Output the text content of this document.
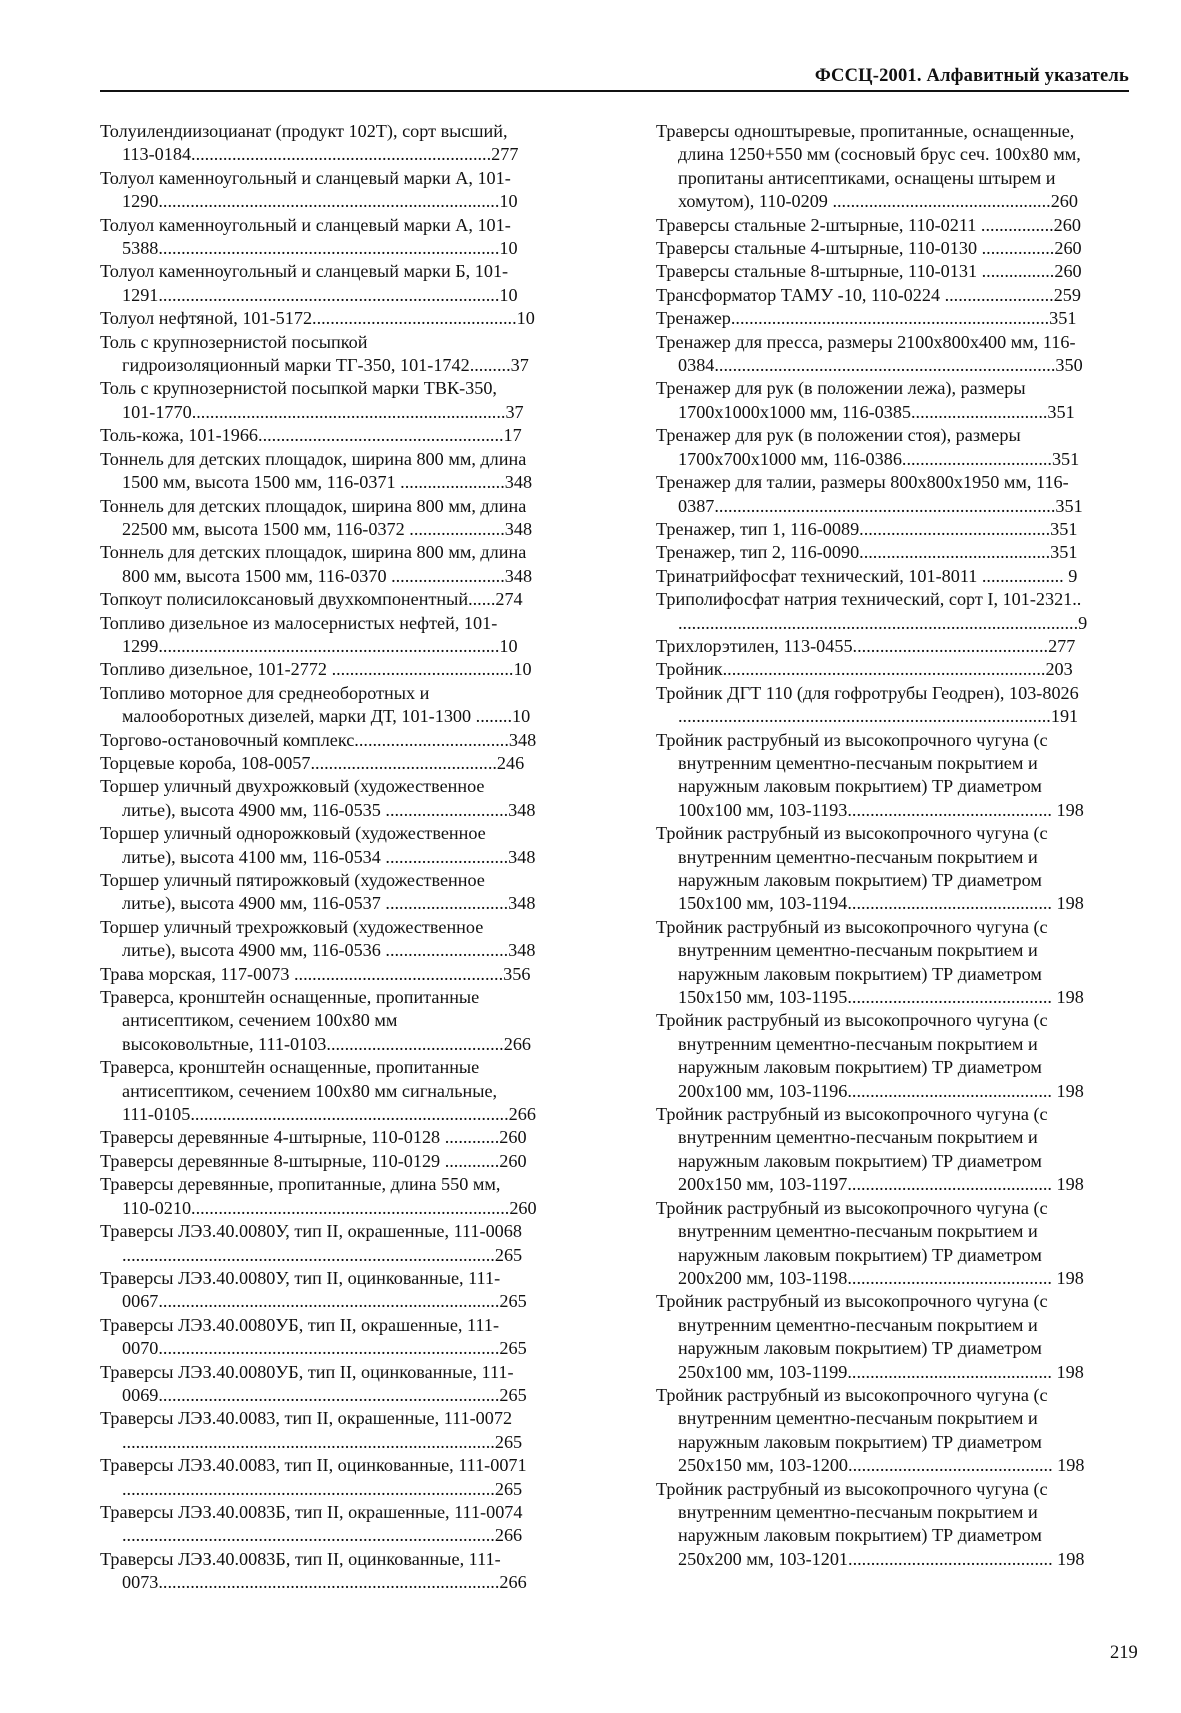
ФССЦ-2001. Алфавитный указатель

Толуилендиизоцианат (продукт 102Т), сорт высший,
113-0184..................................................................277

Толуол каменноугольный и сланцевый марки А, 101-
1290...........................................................................10

Толуол каменноугольный и сланцевый марки А, 101-
5388...........................................................................10

Толуол каменноугольный и сланцевый марки Б, 101-
1291...........................................................................10

Толуол нефтяной, 101-5172.............................................10

Толь с крупнозернистой посыпкой
гидроизоляционный марки ТГ-350, 101-1742.........37

Толь с крупнозернистой посыпкой марки ТВК-350,
101-1770.....................................................................37

Толь-кожа, 101-1966......................................................17

Тоннель для детских площадок, ширина 800 мм, длина
1500 мм, высота 1500 мм, 116-0371 .......................348

Тоннель для детских площадок, ширина 800 мм, длина
22500 мм, высота 1500 мм, 116-0372 .....................348

Тоннель для детских площадок, ширина 800 мм, длина
800 мм, высота 1500 мм, 116-0370 .........................348

Топкоут полисилоксановый двухкомпонентный......274

Топливо дизельное из малосернистых нефтей, 101-
1299...........................................................................10

Топливо дизельное, 101-2772 ........................................10

Топливо моторное для среднеоборотных и
малооборотных дизелей, марки ДТ, 101-1300 ........10

Торгово-остановочный комплекс..................................348

Торцевые короба, 108-0057.........................................246

Торшер уличный двухрожковый (художественное
литье), высота 4900 мм, 116-0535 ...........................348

Торшер уличный однорожковый (художественное
литье), высота 4100 мм, 116-0534 ...........................348

Торшер уличный пятирожковый (художественное
литье), высота 4900 мм, 116-0537 ...........................348

Торшер уличный трехрожковый (художественное
литье), высота 4900 мм, 116-0536 ...........................348

Трава морская, 117-0073 ..............................................356

Траверса, кронштейн оснащенные, пропитанные
антисептиком, сечением 100х80 мм
высоковольтные, 111-0103.......................................266

Траверса, кронштейн оснащенные, пропитанные
антисептиком, сечением 100х80 мм сигнальные,
111-0105......................................................................266

Траверсы деревянные 4-штырные, 110-0128 ............260

Траверсы деревянные 8-штырные, 110-0129 ............260

Траверсы деревянные, пропитанные, длина 550 мм,
110-0210......................................................................260

Траверсы ЛЭЗ.40.0080У, тип II, окрашенные, 111-0068
..................................................................................265

Траверсы ЛЭЗ.40.0080У, тип II, оцинкованные, 111-
0067...........................................................................265

Траверсы ЛЭЗ.40.0080УБ, тип II, окрашенные, 111-
0070...........................................................................265

Траверсы ЛЭЗ.40.0080УБ, тип II, оцинкованные, 111-
0069...........................................................................265

Траверсы ЛЭЗ.40.0083, тип II, окрашенные, 111-0072
..................................................................................265

Траверсы ЛЭЗ.40.0083, тип II, оцинкованные, 111-0071
..................................................................................265

Траверсы ЛЭЗ.40.0083Б, тип II, окрашенные, 111-0074
..................................................................................266

Траверсы ЛЭЗ.40.0083Б, тип II, оцинкованные, 111-
0073...........................................................................266

Траверсы одноштыревые, пропитанные, оснащенные,
длина 1250+550 мм (сосновый брус сеч. 100х80 мм,
пропитаны антисептиками, оснащены штырем и
хомутом), 110-0209 ................................................260

Траверсы стальные 2-штырные, 110-0211 ................260

Траверсы стальные 4-штырные, 110-0130 ................260

Траверсы стальные 8-штырные, 110-0131 ................260

Трансформатор ТАМУ -10, 110-0224 ........................259

Тренажер......................................................................351

Тренажер для пресса, размеры 2100х800х400 мм, 116-
0384...........................................................................350

Тренажер для рук (в положении лежа), размеры
1700х1000х1000 мм, 116-0385..............................351

Тренажер для рук (в положении стоя), размеры
1700х700х1000 мм, 116-0386.................................351

Тренажер для талии, размеры 800х800х1950 мм, 116-
0387...........................................................................351

Тренажер, тип 1, 116-0089..........................................351

Тренажер, тип 2, 116-0090..........................................351

Тринатрийфосфат технический, 101-8011 .................. 9

Триполифосфат натрия технический, сорт I, 101-2321..
........................................................................................9

Трихлорэтилен, 113-0455...........................................277

Тройник.......................................................................203

Тройник ДГТ 110 (для гофротрубы Геодрен), 103-8026
..................................................................................191

Тройник раструбный из высокопрочного чугуна (с
внутренним цементно-песчаным покрытием и
наружным лаковым покрытием) ТР диаметром
100х100 мм, 103-1193............................................. 198

Тройник раструбный из высокопрочного чугуна (с
внутренним цементно-песчаным покрытием и
наружным лаковым покрытием) ТР диаметром
150х100 мм, 103-1194............................................. 198

Тройник раструбный из высокопрочного чугуна (с
внутренним цементно-песчаным покрытием и
наружным лаковым покрытием) ТР диаметром
150х150 мм, 103-1195............................................. 198

Тройник раструбный из высокопрочного чугуна (с
внутренним цементно-песчаным покрытием и
наружным лаковым покрытием) ТР диаметром
200х100 мм, 103-1196............................................. 198

Тройник раструбный из высокопрочного чугуна (с
внутренним цементно-песчаным покрытием и
наружным лаковым покрытием) ТР диаметром
200х150 мм, 103-1197............................................. 198

Тройник раструбный из высокопрочного чугуна (с
внутренним цементно-песчаным покрытием и
наружным лаковым покрытием) ТР диаметром
200х200 мм, 103-1198............................................. 198

Тройник раструбный из высокопрочного чугуна (с
внутренним цементно-песчаным покрытием и
наружным лаковым покрытием) ТР диаметром
250х100 мм, 103-1199............................................. 198

Тройник раструбный из высокопрочного чугуна (с
внутренним цементно-песчаным покрытием и
наружным лаковым покрытием) ТР диаметром
250х150 мм, 103-1200............................................. 198

Тройник раструбный из высокопрочного чугуна (с
внутренним цементно-песчаным покрытием и
наружным лаковым покрытием) ТР диаметром
250х200 мм, 103-1201............................................. 198

219
